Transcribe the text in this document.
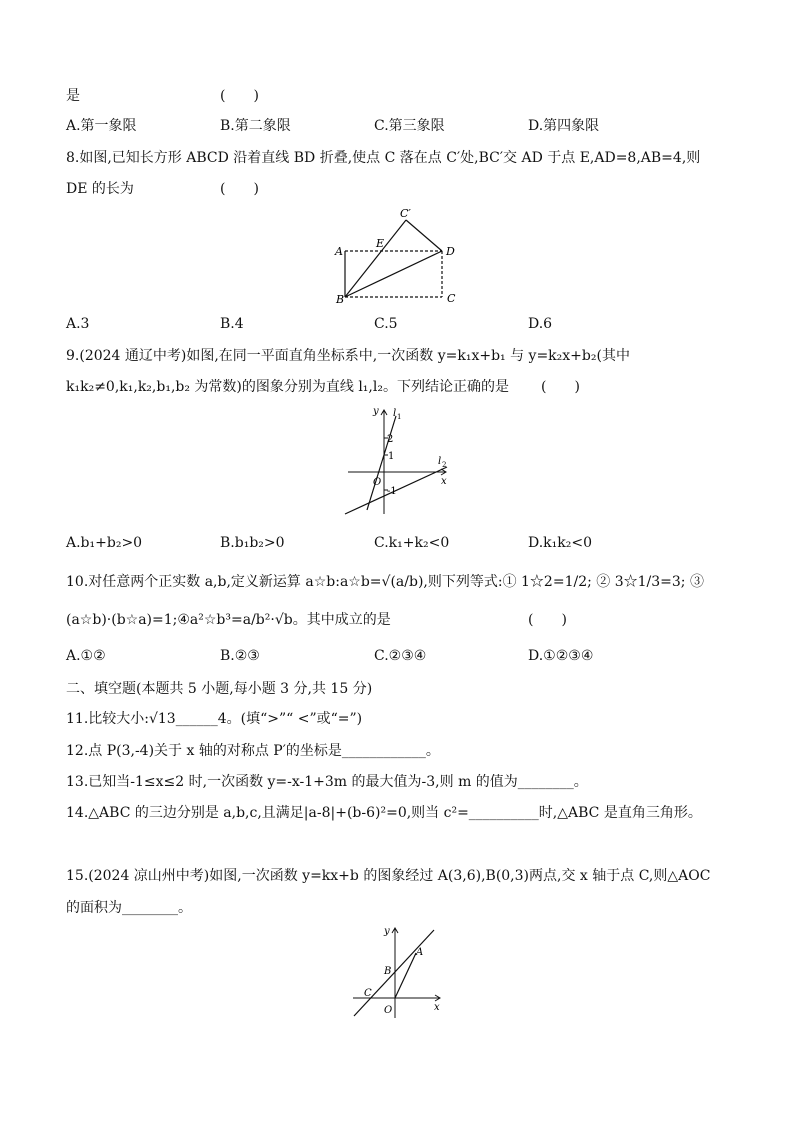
是	(　　)
A.第一象限	B.第二象限	C.第三象限	D.第四象限
8.如图,已知长方形 ABCD 沿着直线 BD 折叠,使点 C 落在点 C′处,BC′交 AD 于点 E,AD=8,AB=4,则
DE 的长为	(　　)
A
E
C′
D
B	C
A.3	B.4	C.5	D.6
9.(2024 通辽中考)如图,在同一平面直角坐标系中,一次函数 y=k₁x+b₁ 与 y=k₂x+b₂(其中
k₁k₂≠0,k₁,k₂,b₁,b₂ 为常数)的图象分别为直线 l₁,l₂。下列结论正确的是 (　　)
y l 1
2
1
O
-1
l 2
x
A.b₁+b₂>0	B.b₁b₂>0	C.k₁+k₂<0	D.k₁k₂<0
10.对任意两个正实数 a,b,定义新运算 a☆b:a☆b=√(a/b),则下列等式:① 1☆2=1/2; ② 3☆1/3=3; ③
(a☆b)·(b☆a)=1;④a²☆b³=a/b²·√b。其中成立的是	(　　)
A.①②	B.②③	C.②③④	D.①②③④
二、填空题(本题共 5 小题,每小题 3 分,共 15 分)
11.比较大小:√13______4。(填“>”“ <”或“=”)
12.点 P(3,-4)关于 x 轴的对称点 P′的坐标是____________。
13.已知当-1≤x≤2 时,一次函数 y=-x-1+3m 的最大值为-3,则 m 的值为________。
14.△ABC 的三边分别是 a,b,c,且满足|a-8|+(b-6)²=0,则当 c²=__________时,△ABC 是直角三角形。
15.(2024 凉山州中考)如图,一次函数 y=kx+b 的图象经过 A(3,6),B(0,3)两点,交 x 轴于点 C,则△AOC
的面积为________。
y
A
B
C
O	x
